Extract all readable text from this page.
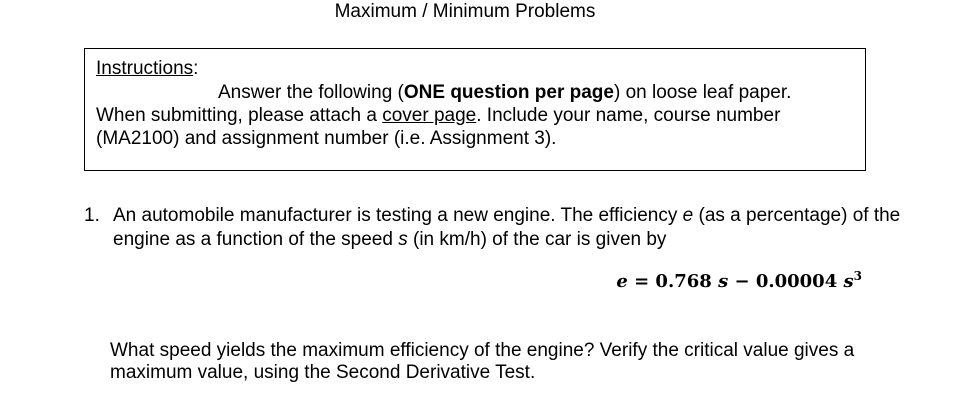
Maximum / Minimum Problems
Instructions:
Answer the following (ONE question per page) on loose leaf paper.
When submitting, please attach a cover page. Include your name, course number
(MA2100) and assignment number (i.e. Assignment 3).
1. An automobile manufacturer is testing a new engine. The efficiency e (as a percentage) of the engine as a function of the speed s (in km/h) of the car is given by
e = 0.768 s − 0.00004 $s^3$
What speed yields the maximum efficiency of the engine? Verify the critical value gives a maximum value, using the Second Derivative Test.
